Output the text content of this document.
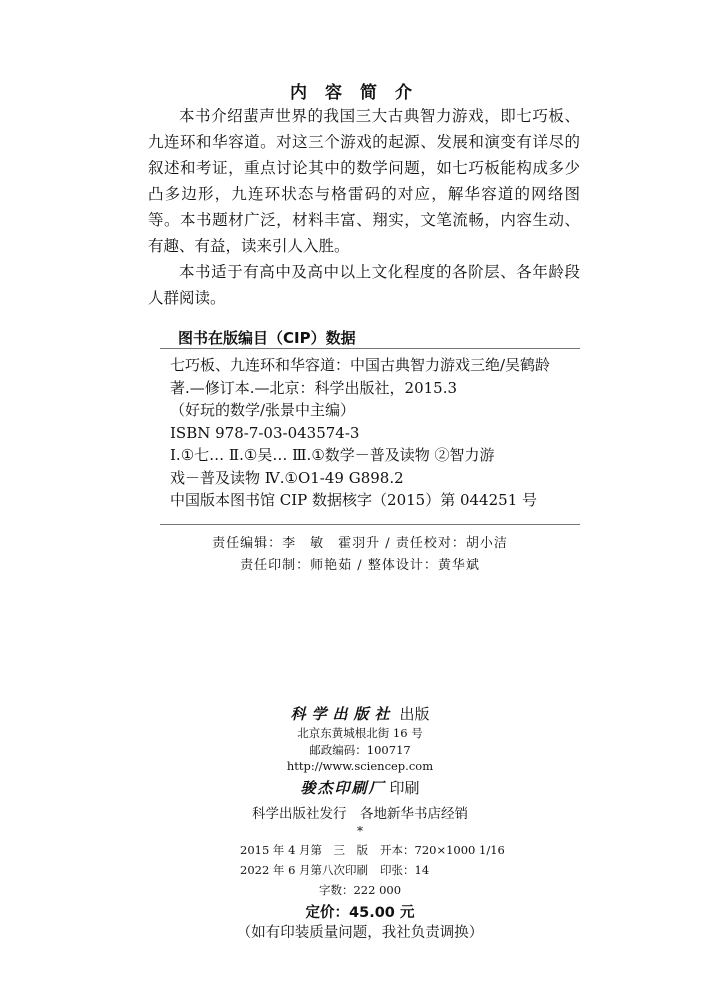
内容简介

本书介绍蜚声世界的我国三大古典智力游戏，即七巧板、九连环和华容道。对这三个游戏的起源、发展和演变有详尽的叙述和考证，重点讨论其中的数学问题，如七巧板能构成多少凸多边形，九连环状态与格雷码的对应，解华容道的网络图等。本书题材广泛，材料丰富、翔实，文笔流畅，内容生动、有趣、有益，读来引人入胜。

本书适于有高中及高中以上文化程度的各阶层、各年龄段人群阅读。

图书在版编目（CIP）数据
七巧板、九连环和华容道：中国古典智力游戏三绝/吴鹤龄
著.—修订本.—北京：科学出版社，2015.3
（好玩的数学/张景中主编）
ISBN 978-7-03-043574-3
Ⅰ.①七… Ⅱ.①吴… Ⅲ.①数学－普及读物 ②智力游
戏－普及读物 Ⅳ.①O1-49 G898.2
中国版本图书馆 CIP 数据核字（2015）第 044251 号
责任编辑：李　敏　霍羽升 / 责任校对：胡小洁
责任印制：师艳茹 / 整体设计：黄华斌
科学出版社 出版
北京东黄城根北街 16 号
邮政编码：100717
http://www.sciencep.com
骏杰印刷厂 印刷
科学出版社发行　各地新华书店经销
*
2015 年 4 月第　三　版 开本：720×1000 1/16
2022 年 6 月第八次印刷 印张：14
字数：222 000
定价：45.00 元
（如有印装质量问题，我社负责调换）
